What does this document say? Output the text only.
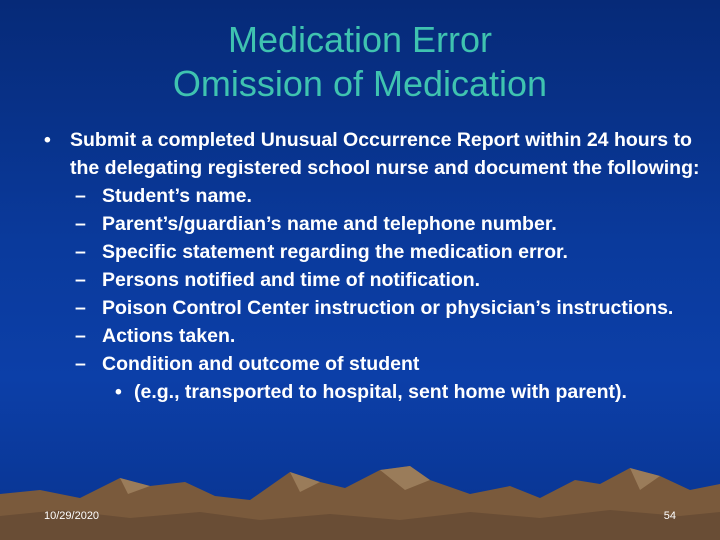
Medication Error
Omission of Medication
• Submit a completed Unusual Occurrence Report within 24 hours to the delegating registered school nurse and document the following:
– Student’s name.
– Parent’s/guardian’s name and telephone number.
– Specific statement regarding the medication error.
– Persons notified and time of notification.
– Poison Control Center instruction or physician’s instructions.
– Actions taken.
– Condition and outcome of student
• (e.g., transported to hospital, sent home with parent).
10/29/2020	54
